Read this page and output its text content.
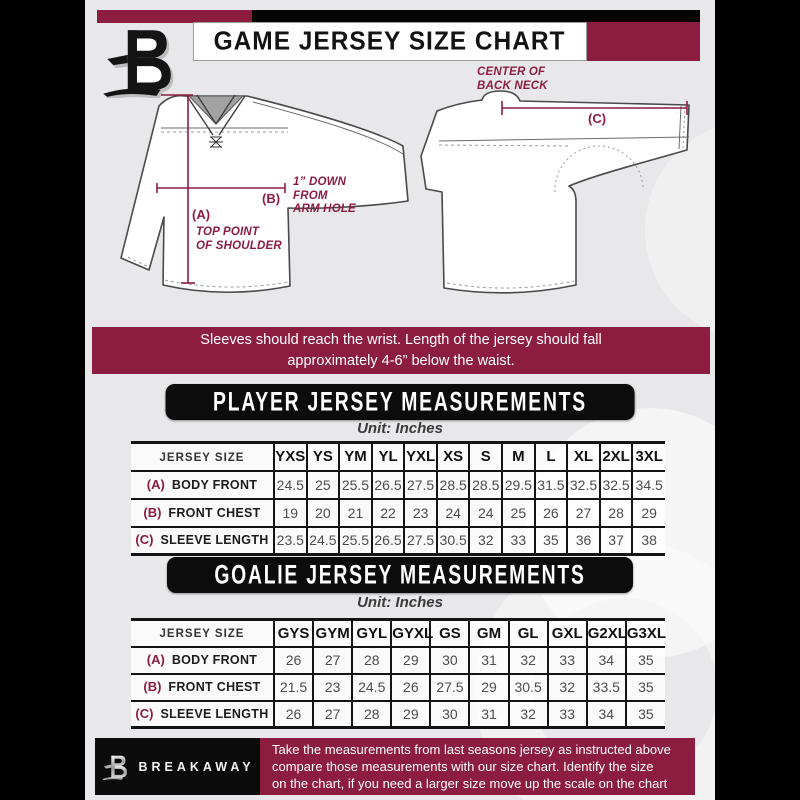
GAME JERSEY SIZE CHART
(A)
TOP POINT
OF SHOULDER
(B)
1” DOWN
FROM
ARM HOLE
CENTER OF
BACK NECK
(C)
Sleeves should reach the wrist. Length of the jersey should fall
approximately 4-6” below the waist.
PLAYER JERSEY MEASUREMENTS
Unit: Inches
JERSEY SIZE	YXS	YS	YM	YL	YXL	XS	S	M	L	XL	2XL	3XL
(A) BODY FRONT	24.5	25	25.5	26.5	27.5	28.5	28.5	29.5	31.5	32.5	32.5	34.5
(B) FRONT CHEST	19	20	21	22	23	24	24	25	26	27	28	29
(C) SLEEVE LENGTH	23.5	24.5	25.5	26.5	27.5	30.5	32	33	35	36	37	38
GOALIE JERSEY MEASUREMENTS
Unit: Inches
JERSEY SIZE	GYS	GYM	GYL	GYXL	GS	GM	GL	GXL	G2XL	G3XL
(A) BODY FRONT	26	27	28	29	30	31	32	33	34	35
(B) FRONT CHEST	21.5	23	24.5	26	27.5	29	30.5	32	33.5	35
(C) SLEEVE LENGTH	26	27	28	29	30	31	32	33	34	35
BREAKAWAY
Take the measurements from last seasons jersey as instructed above
compare those measurements with our size chart. Identify the size
on the chart, if you need a larger size move up the scale on the chart
